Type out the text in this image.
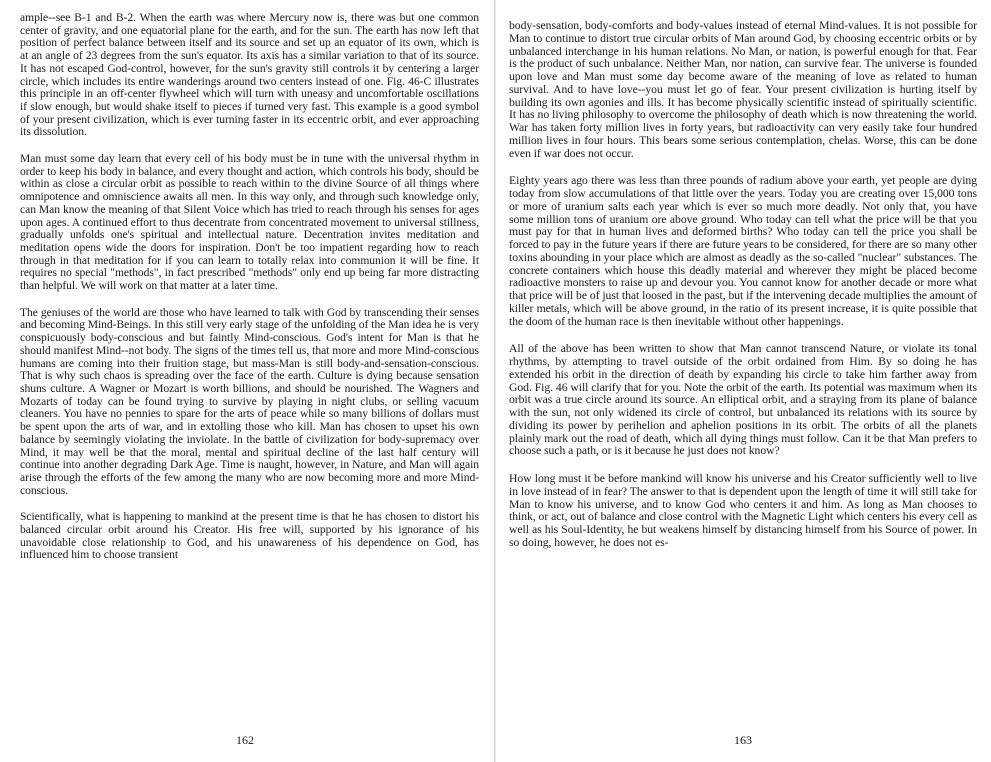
ample--see B-1 and B-2. When the earth was where Mercury now is, there was but one common center of gravity, and one equatorial plane for the earth, and for the sun. The earth has now left that position of perfect balance between itself and its source and set up an equator of its own, which is at an angle of 23 degrees from the sun's equator. Its axis has a similar variation to that of its source. It has not escaped God-control, however, for the sun's gravity still controls it by centering a larger circle, which includes its entire wanderings around two centers instead of one. Fig. 46-C illustrates this principle in an off-center flywheel which will turn with uneasy and uncomfortable oscillations if slow enough, but would shake itself to pieces if turned very fast. This example is a good symbol of your present civilization, which is ever turning faster in its eccentric orbit, and ever approaching its dissolution.

Man must some day learn that every cell of his body must be in tune with the universal rhythm in order to keep his body in balance, and every thought and action, which controls his body, should be within as close a circular orbit as possible to reach within to the divine Source of all things where omnipotence and omniscience awaits all men. In this way only, and through such knowledge only, can Man know the meaning of that Silent Voice which has tried to reach through his senses for ages upon ages. A continued effort to thus decentrate from concentrated movement to universal stillness, gradually unfolds one's spiritual and intellectual nature. Decentration invites meditation and meditation opens wide the doors for inspiration. Don't be too impatient regarding how to reach through in that meditation for if you can learn to totally relax into communion it will be fine. It requires no special "methods", in fact prescribed "methods" only end up being far more distracting than helpful. We will work on that matter at a later time.

The geniuses of the world are those who have learned to talk with God by transcending their senses and becoming Mind-Beings. In this still very early stage of the unfolding of the Man idea he is very conspicuously body-conscious and but faintly Mind-conscious. God's intent for Man is that he should manifest Mind--not body. The signs of the times tell us, that more and more Mind-conscious humans are coming into their fruition stage, but mass-Man is still body-and-sensation-conscious. That is why such chaos is spreading over the face of the earth. Culture is dying because sensation shuns culture. A Wagner or Mozart is worth billions, and should be nourished. The Wagners and Mozarts of today can be found trying to survive by playing in night clubs, or selling vacuum cleaners. You have no pennies to spare for the arts of peace while so many billions of dollars must be spent upon the arts of war, and in extolling those who kill. Man has chosen to upset his own balance by seemingly violating the inviolate. In the battle of civilization for body-supremacy over Mind, it may well be that the moral, mental and spiritual decline of the last half century will continue into another degrading Dark Age. Time is naught, however, in Nature, and Man will again arise through the efforts of the few among the many who are now becoming more and more Mind-conscious.

Scientifically, what is happening to mankind at the present time is that he has chosen to distort his balanced circular orbit around his Creator. His free will, supported by his ignorance of his unavoidable close relationship to God, and his unawareness of his dependence on God, has influenced him to choose transient

162

body-sensation, body-comforts and body-values instead of eternal Mind-values. It is not possible for Man to continue to distort true circular orbits of Man around God, by choosing eccentric orbits or by unbalanced interchange in his human relations. No Man, or nation, is powerful enough for that. Fear is the product of such unbalance. Neither Man, nor nation, can survive fear. The universe is founded upon love and Man must some day become aware of the meaning of love as related to human survival. And to have love--you must let go of fear. Your present civilization is hurting itself by building its own agonies and ills. It has become physically scientific instead of spiritually scientific. It has no living philosophy to overcome the philosophy of death which is now threatening the world. War has taken forty million lives in forty years, but radioactivity can very easily take four hundred million lives in four hours. This bears some serious contemplation, chelas. Worse, this can be done even if war does not occur.

Eighty years ago there was less than three pounds of radium above your earth, yet people are dying today from slow accumulations of that little over the years. Today you are creating over 15,000 tons or more of uranium salts each year which is ever so much more deadly. Not only that, you have some million tons of uranium ore above ground. Who today can tell what the price will be that you must pay for that in human lives and deformed births? Who today can tell the price you shall be forced to pay in the future years if there are future years to be considered, for there are so many other toxins abounding in your place which are almost as deadly as the so-called "nuclear" substances. The concrete containers which house this deadly material and wherever they might be placed become radioactive monsters to raise up and devour you. You cannot know for another decade or more what that price will be of just that loosed in the past, but if the intervening decade multiplies the amount of killer metals, which will be above ground, in the ratio of its present increase, it is quite possible that the doom of the human race is then inevitable without other happenings.

All of the above has been written to show that Man cannot transcend Nature, or violate its tonal rhythms, by attempting to travel outside of the orbit ordained from Him. By so doing he has extended his orbit in the direction of death by expanding his circle to take him farther away from God. Fig. 46 will clarify that for you. Note the orbit of the earth. Its potential was maximum when its orbit was a true circle around its source. An elliptical orbit, and a straying from its plane of balance with the sun, not only widened its circle of control, but unbalanced its relations with its source by dividing its power by perihelion and aphelion positions in its orbit. The orbits of all the planets plainly mark out the road of death, which all dying things must follow. Can it be that Man prefers to choose such a path, or is it because he just does not know?

How long must it be before mankind will know his universe and his Creator sufficiently well to live in love instead of in fear? The answer to that is dependent upon the length of time it will still take for Man to know his universe, and to know God who centers it and him. As long as Man chooses to think, or act, out of balance and close control with the Magnetic Light which centers his every cell as well as his Soul-Identity, he but weakens himself by distancing himself from his Source of power. In so doing, however, he does not es-

163
